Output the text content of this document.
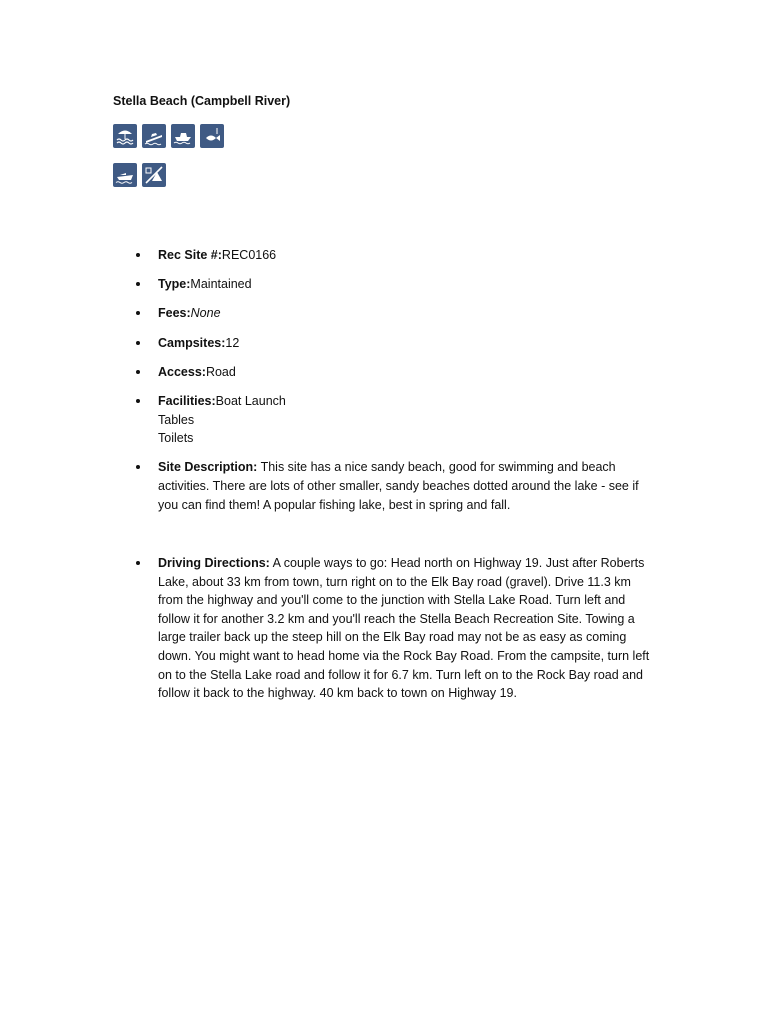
Stella Beach (Campbell River)
Rec Site #:REC0166
Type:Maintained
Fees:None
Campsites:12
Access:Road
Facilities:Boat Launch
Tables
Toilets
Site Description: This site has a nice sandy beach, good for swimming and beach activities. There are lots of other smaller, sandy beaches dotted around the lake - see if you can find them! A popular fishing lake, best in spring and fall.
Driving Directions: A couple ways to go: Head north on Highway 19. Just after Roberts Lake, about 33 km from town, turn right on to the Elk Bay road (gravel). Drive 11.3 km from the highway and you'll come to the junction with Stella Lake Road. Turn left and follow it for another 3.2 km and you'll reach the Stella Beach Recreation Site. Towing a large trailer back up the steep hill on the Elk Bay road may not be as easy as coming down. You might want to head home via the Rock Bay Road. From the campsite, turn left on to the Stella Lake road and follow it for 6.7 km. Turn left on to the Rock Bay road and follow it back to the highway. 40 km back to town on Highway 19.
